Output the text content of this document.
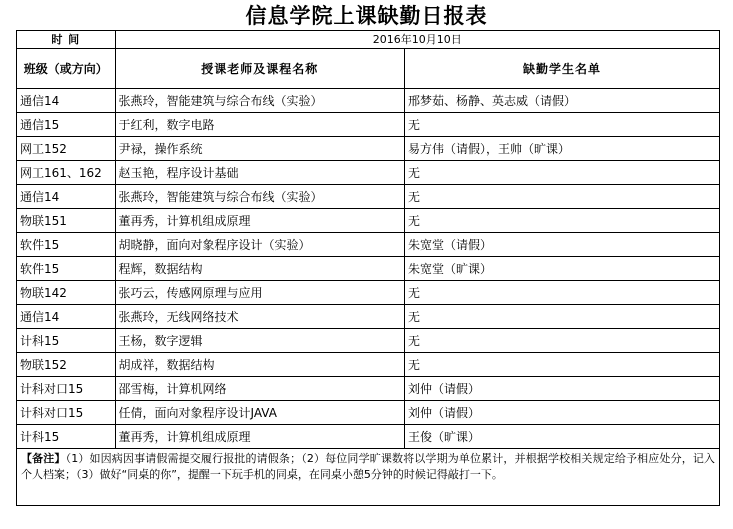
信息学院上课缺勤日报表
时 间	2016年10月10日	
班级（或方向）	授课老师及课程名称	缺勤学生名单
通信14	张燕玲，智能建筑与综合布线（实验）	邢梦茹、杨静、英志威（请假）
通信15	于红利，数字电路	无
网工152	尹禄，操作系统	易方伟（请假），王帅（旷课）
网工161、162	赵玉艳，程序设计基础	无
通信14	张燕玲，智能建筑与综合布线（实验）	无
物联151	董再秀，计算机组成原理	无
软件15	胡晓静，面向对象程序设计（实验）	朱宽堂（请假）
软件15	程辉，数据结构	朱宽堂（旷课）
物联142	张巧云，传感网原理与应用	无
通信14	张燕玲，无线网络技术	无
计科15	王杨，数字逻辑	无
物联152	胡成祥，数据结构	无
计科对口15	邵雪梅，计算机网络	刘仲（请假）
计科对口15	任倩，面向对象程序设计JAVA	刘仲（请假）
计科15	董再秀，计算机组成原理	王俊（旷课）
【备注】（1）如因病因事请假需提交履行报批的请假条；（2）每位同学旷课数将以学期为单位累计，并根据学校相关规定给予相应处分，记入个人档案；（3）做好“同桌的你”，提醒一下玩手机的同桌，在同桌小憩5分钟的时候记得敲打一下。		
